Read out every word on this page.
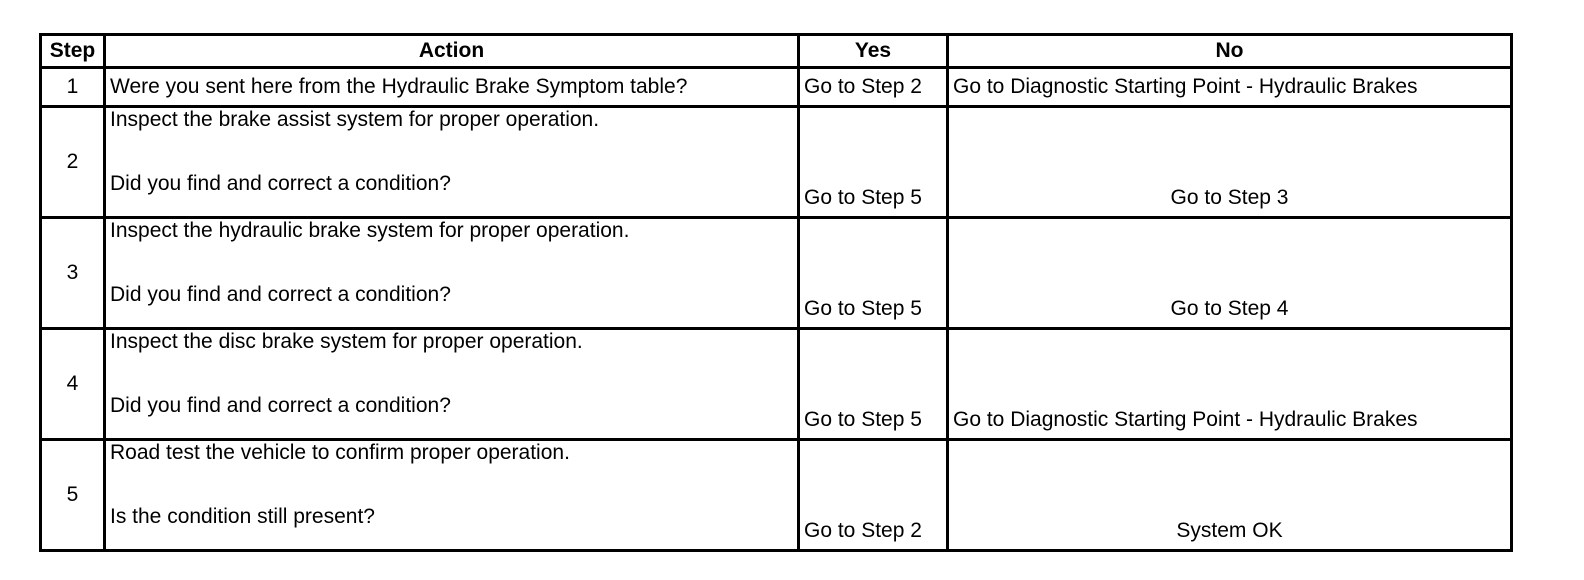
Step	Action	Yes	No
1	Were you sent here from the Hydraulic Brake Symptom table?	Go to Step 2	Go to Diagnostic Starting Point - Hydraulic Brakes
2	Inspect the brake assist system for proper operation.
Did you find and correct a condition?	Go to Step 5	Go to Step 3
3	Inspect the hydraulic brake system for proper operation.
Did you find and correct a condition?	Go to Step 5	Go to Step 4
4	Inspect the disc brake system for proper operation.
Did you find and correct a condition?	Go to Step 5	Go to Diagnostic Starting Point - Hydraulic Brakes
5	Road test the vehicle to confirm proper operation.
Is the condition still present?	Go to Step 2	System OK
